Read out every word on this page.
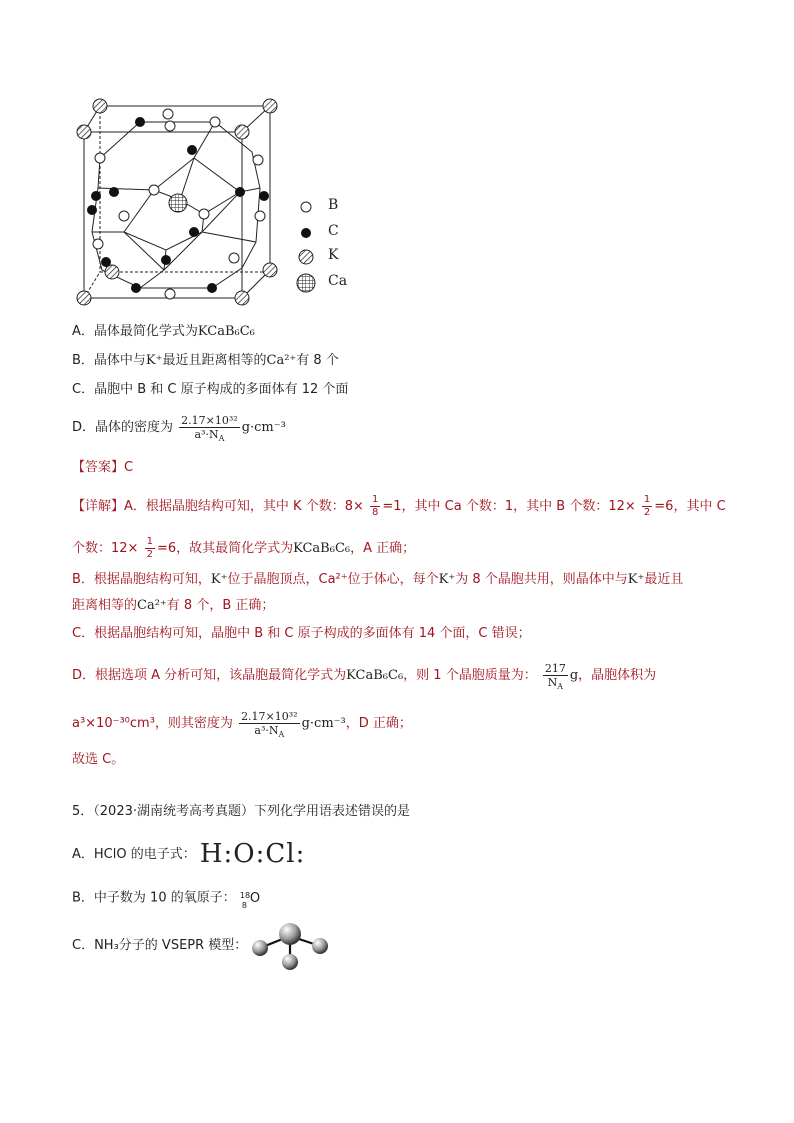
B
C
K
Ca
A．晶体最简化学式为KCaB₆C₆
B．晶体中与K⁺最近且距离相等的Ca²⁺有 8 个
C．晶胞中 B 和 C 原子构成的多面体有 12 个面
D．晶体的密度为 $\frac{\text{2.17×10³²}}{a^3\cdot N_A} g\cdot cm^{-3}$
【答案】C
【详解】A．根据晶胞结构可知，其中 K 个数：$8\times \frac{1}{8} =1$，其中 Ca 个数：1，其中 B 个数：$12\times \frac{1}{2} =6$，其中 C
个数：$12\times \frac{1}{2} =6$，故其最简化学式为KCaB₆C₆，A 正确；
B．根据晶胞结构可知，K⁺位于晶胞顶点，Ca²⁺位于体心，每个K⁺为 8 个晶胞共用，则晶体中与K⁺最近且
距离相等的Ca²⁺有 8 个，B 正确；
C．根据晶胞结构可知，晶胞中 B 和 C 原子构成的多面体有 14 个面，C 错误；
D．根据选项 A 分析可知，该晶胞最简化学式为KCaB₆C₆，则 1 个晶胞质量为： $\frac{217}{N_A}$ g，晶胞体积为
a³×10⁻³⁰cm³，则其密度为 $\frac{\text{2.17×10³²}}{a^3\cdot N_A} g\cdot cm^{-3}$，D 正确；
故选 C。
5．（2023·湖南统考高考真题）下列化学用语表述错误的是
A．HClO 的电子式： H:O:Cl:
B．中子数为 10 的氧原子： 18
8 O
C．NH₃分子的 VSEPR 模型：
